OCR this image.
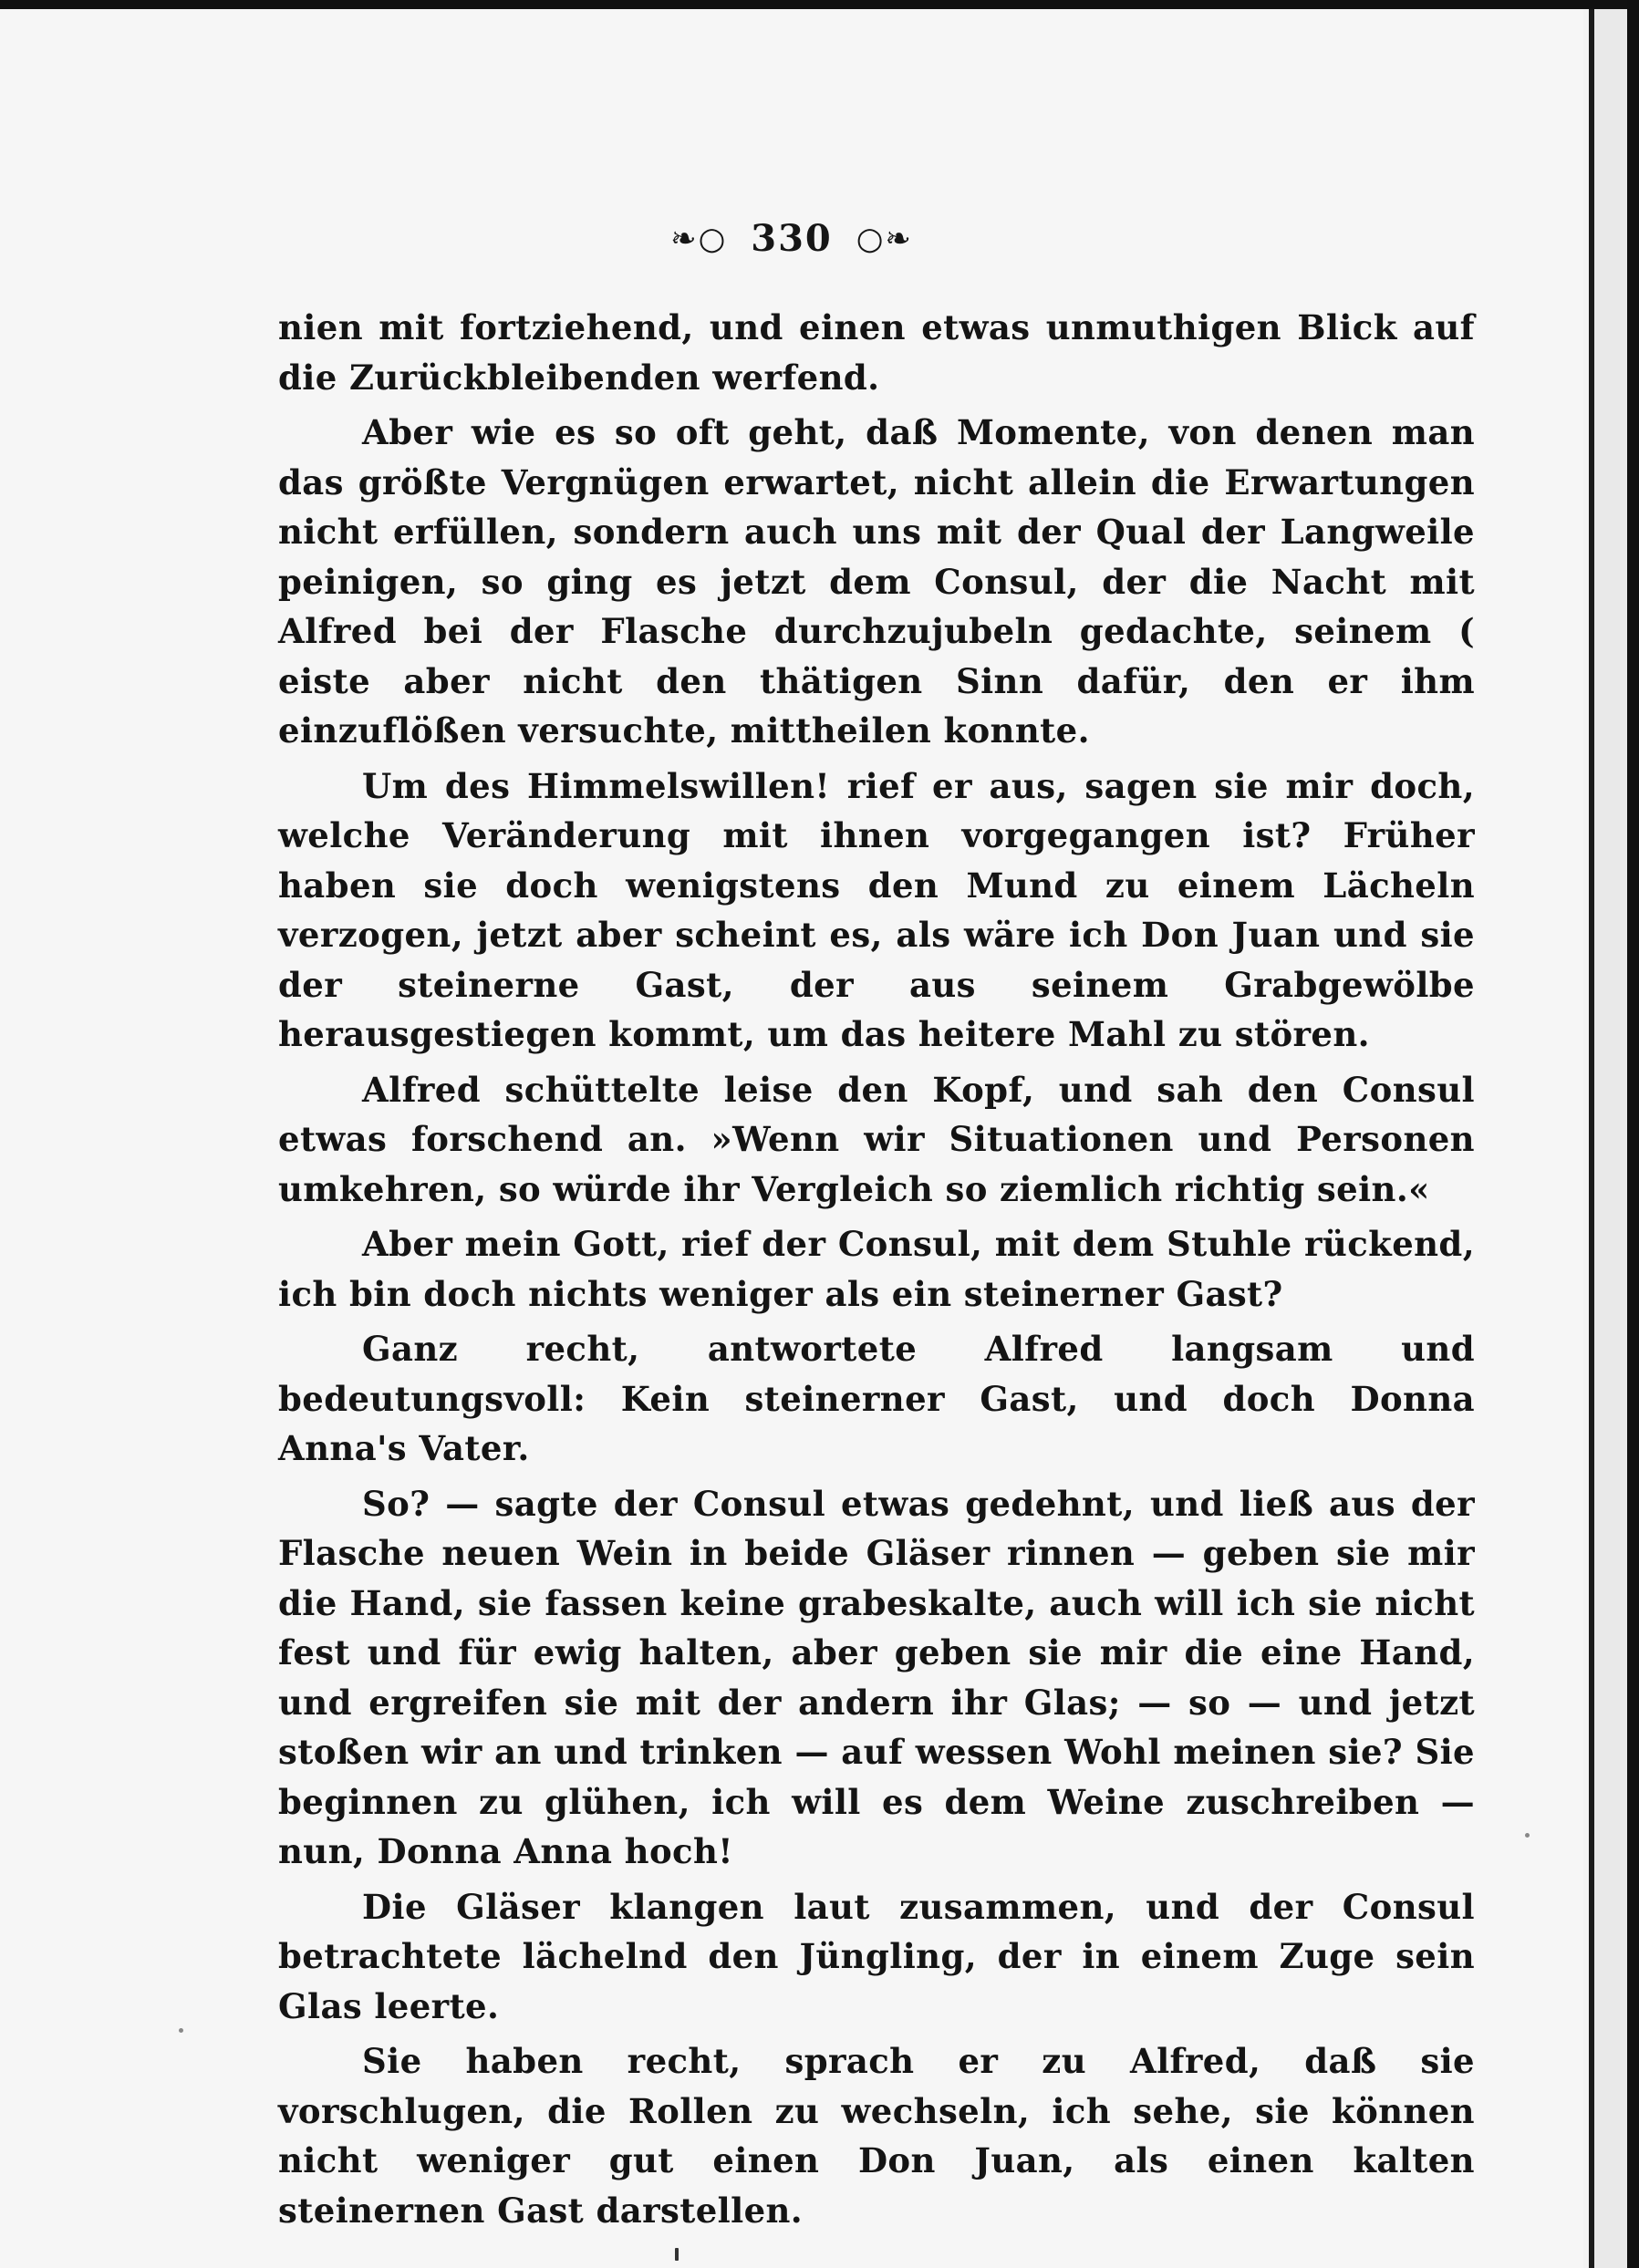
❧○ 330 ○❧

nien mit fortziehend, und einen etwas unmuthigen Blick auf die Zurückbleibenden werfend.

Aber wie es so oft geht, daß Momente, von denen man das größte Vergnügen erwartet, nicht allein die Erwartungen nicht erfüllen, sondern auch uns mit der Qual der Langweile peinigen, so ging es jetzt dem Consul, der die Nacht mit Alfred bei der Flasche durchzujubeln gedachte, seinem ( eiste aber nicht den thätigen Sinn dafür, den er ihm einzuflößen versuchte, mittheilen konnte.

Um des Himmelswillen! rief er aus, sagen sie mir doch, welche Veränderung mit ihnen vorgegangen ist? Früher haben sie doch wenigstens den Mund zu einem Lächeln verzogen, jetzt aber scheint es, als wäre ich Don Juan und sie der steinerne Gast, der aus seinem Grabgewölbe herausgestiegen kommt, um das heitere Mahl zu stören.

Alfred schüttelte leise den Kopf, und sah den Consul etwas forschend an. »Wenn wir Situationen und Personen umkehren, so würde ihr Vergleich so ziemlich richtig sein.«

Aber mein Gott, rief der Consul, mit dem Stuhle rückend, ich bin doch nichts weniger als ein steinerner Gast?

Ganz recht, antwortete Alfred langsam und bedeutungsvoll: Kein steinerner Gast, und doch Donna Anna's Vater.

So? — sagte der Consul etwas gedehnt, und ließ aus der Flasche neuen Wein in beide Gläser rinnen — geben sie mir die Hand, sie fassen keine grabeskalte, auch will ich sie nicht fest und für ewig halten, aber geben sie mir die eine Hand, und ergreifen sie mit der andern ihr Glas; — so — und jetzt stoßen wir an und trinken — auf wessen Wohl meinen sie? Sie beginnen zu glühen, ich will es dem Weine zuschreiben — nun, Donna Anna hoch!

Die Gläser klangen laut zusammen, und der Consul betrachtete lächelnd den Jüngling, der in einem Zuge sein Glas leerte.

Sie haben recht, sprach er zu Alfred, daß sie vorschlugen, die Rollen zu wechseln, ich sehe, sie können nicht weniger gut einen Don Juan, als einen kalten steinernen Gast darstellen.
